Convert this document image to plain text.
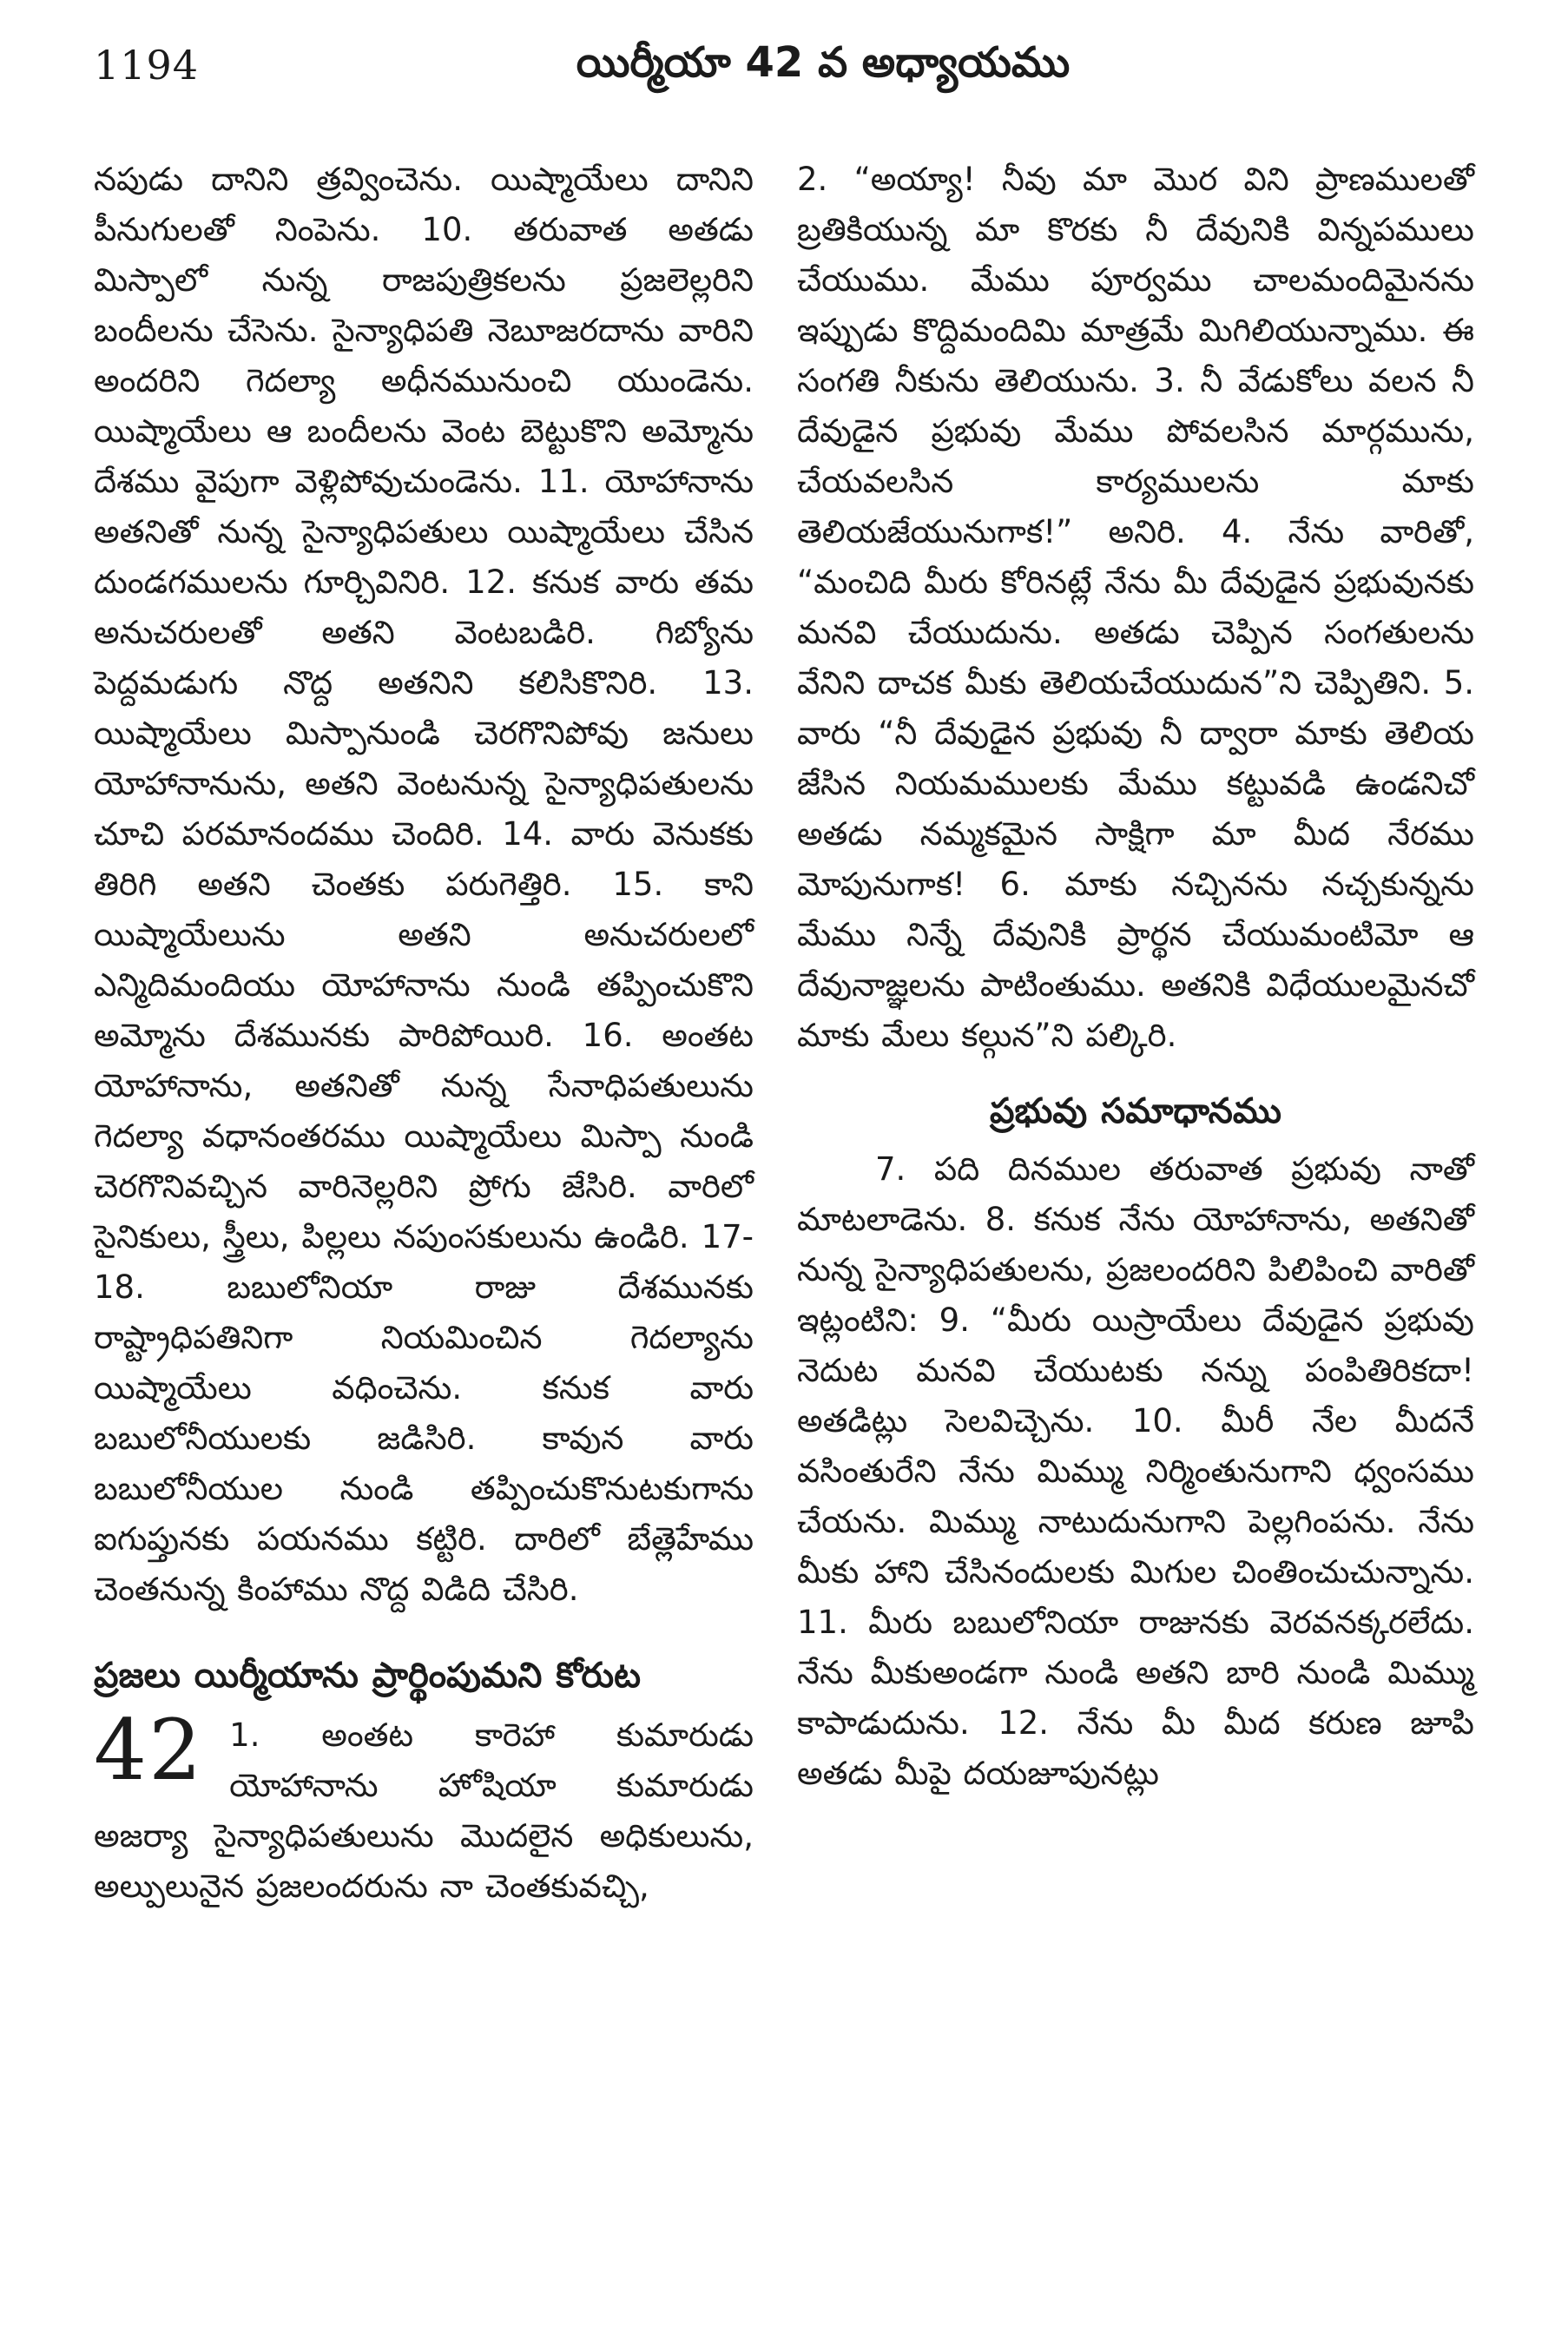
1194	యిర్మీయా 42 వ అధ్యాయము

నపుడు దానిని త్రవ్వించెను. యిష్మాయేలు దానిని పీనుగులతో నింపెను. 10. తరువాత అతడు మిస్పాలో నున్న రాజపుత్రికలను ప్రజలెల్లరిని బందీలను చేసెను. సైన్యాధిపతి నెబూజరదాను వారిని అందరిని గెదల్యా అధీనమునుంచి యుండెను. యిష్మాయేలు ఆ బందీలను వెంట బెట్టుకొని అమ్మోను దేశము వైపుగా వెళ్లిపోవుచుండెను. 11. యోహానాను అతనితో నున్న సైన్యాధిపతులు యిష్మాయేలు చేసిన దుండగములను గూర్చివినిరి. 12. కనుక వారు తమ అనుచరులతో అతని వెంటబడిరి. గిబ్యోను పెద్దమడుగు నొద్ద అతనిని కలిసికొనిరి. 13. యిష్మాయేలు మిస్పానుండి చెరగొనిపోవు జనులు యోహానానును, అతని వెంటనున్న సైన్యాధిపతులను చూచి పరమానందము చెందిరి. 14. వారు వెనుకకు తిరిగి అతని చెంతకు పరుగెత్తిరి. 15. కాని యిష్మాయేలును అతని అనుచరులలో ఎన్మిదిమందియు యోహానాను నుండి తప్పించుకొని అమ్మోను దేశమునకు పారిపోయిరి. 16. అంతట యోహానాను, అతనితో నున్న సేనాధిపతులును గెదల్యా వధానంతరము యిష్మాయేలు మిస్పా నుండి చెరగొనివచ్చిన వారినెల్లరిని ప్రోగు జేసిరి. వారిలో సైనికులు, స్త్రీలు, పిల్లలు నపుంసకులును ఉండిరి. 17-18. బబులోనియా రాజు దేశమునకు రాష్ట్రాధిపతినిగా నియమించిన గెదల్యాను యిష్మాయేలు వధించెను. కనుక వారు బబులోనీయులకు జడిసిరి. కావున వారు బబులోనీయుల నుండి తప్పించుకొనుటకుగాను ఐగుప్తునకు పయనము కట్టిరి. దారిలో బేత్లెహేము చెంతనున్న కింహాము నొద్ద విడిది చేసిరి.

ప్రజలు యిర్మీయాను ప్రార్థింపుమని కోరుట
42 1. అంతట కారెహా కుమారుడు యోహానాను హోషియా కుమారుడు అజర్యా సైన్యాధిపతులును మొదలైన అధికులును, అల్పులునైన ప్రజలందరును నా చెంతకువచ్చి,

2. “అయ్యా! నీవు మా మొర విని ప్రాణములతో బ్రతికియున్న మా కొరకు నీ దేవునికి విన్నపములు చేయుము. మేము పూర్వము చాలమందిమైనను ఇప్పుడు కొద్దిమందిమి మాత్రమే మిగిలియున్నాము. ఈ సంగతి నీకును తెలియును. 3. నీ వేడుకోలు వలన నీ దేవుడైన ప్రభువు మేము పోవలసిన మార్గమును, చేయవలసిన కార్యములను మాకు తెలియజేయునుగాక!” అనిరి. 4. నేను వారితో, “మంచిది మీరు కోరినట్లే నేను మీ దేవుడైన ప్రభువునకు మనవి చేయుదును. అతడు చెప్పిన సంగతులను వేనిని దాచక మీకు తెలియచేయుదున”ని చెప్పితిని. 5. వారు “నీ దేవుడైన ప్రభువు నీ ద్వారా మాకు తెలియ జేసిన నియమములకు మేము కట్టువడి ఉండనిచో అతడు నమ్మకమైన సాక్షిగా మా మీద నేరము మోపునుగాక! 6. మాకు నచ్చినను నచ్చకున్నను మేము నిన్నే దేవునికి ప్రార్థన చేయుమంటిమో ఆ దేవునాజ్ఞలను పాటింతుము. అతనికి విధేయులమైనచో మాకు మేలు కల్గున”ని పల్కిరి.

ప్రభువు సమాధానము

7. పది దినముల తరువాత ప్రభువు నాతో మాటలాడెను. 8. కనుక నేను యోహానాను, అతనితో నున్న సైన్యాధిపతులను, ప్రజలందరిని పిలిపించి వారితో ఇట్లంటిని: 9. “మీరు యిస్రాయేలు దేవుడైన ప్రభువు నెదుట మనవి చేయుటకు నన్ను పంపితిరికదా! అతడిట్లు సెలవిచ్చెను. 10. మీరీ నేల మీదనే వసింతురేని నేను మిమ్ము నిర్మింతునుగాని ధ్వంసము చేయను. మిమ్ము నాటుదునుగాని పెల్లగింపను. నేను మీకు హాని చేసినందులకు మిగుల చింతించుచున్నాను. 11. మీరు బబులోనియా రాజునకు వెరవనక్కరలేదు. నేను మీకుఅండగా నుండి అతని బారి నుండి మిమ్ము కాపాడుదును. 12. నేను మీ మీద కరుణ జూపి అతడు మీపై దయజూపునట్లు
